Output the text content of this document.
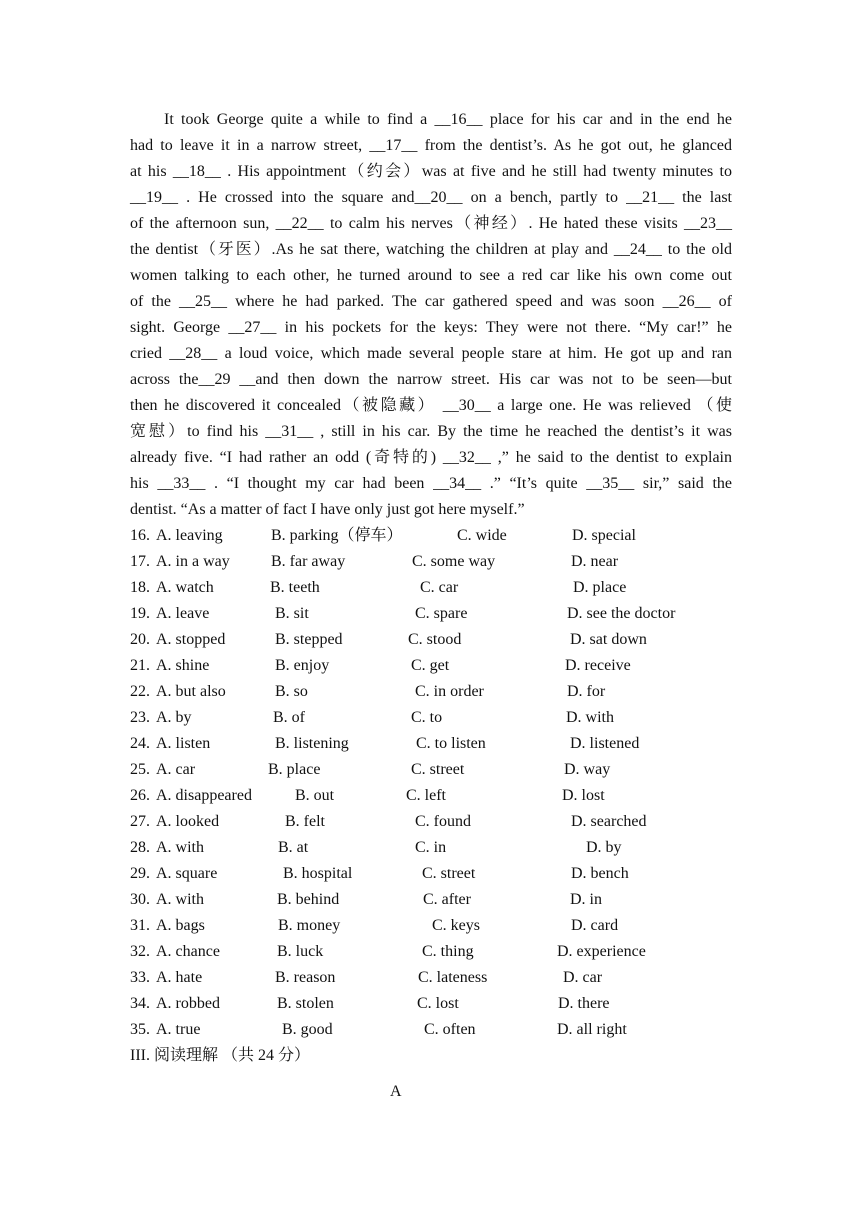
It took George quite a while to find a __16__ place for his car and in the end he
had to leave it in a narrow street, __17__ from the dentist’s. As he got out, he glanced
at his __18__ . His appointment（约会）was at five and he still had twenty minutes to
__19__ . He crossed into the square and__20__ on a bench, partly to __21__ the last
of the afternoon sun, __22__ to calm his nerves（神经）. He hated these visits __23__
the dentist（牙医）.As he sat there, watching the children at play and __24__ to the old
women talking to each other, he turned around to see a red car like his own come out
of the __25__ where he had parked. The car gathered speed and was soon __26__ of
sight. George __27__ in his pockets for the keys: They were not there. “My car!” he
cried __28__ a loud voice, which made several people stare at him. He got up and ran
across the__29 __and then down the narrow street. His car was not to be seen—but
then he discovered it concealed（被隐藏） __30__ a large one. He was relieved （使
宽慰）to find his __31__ , still in his car. By the time he reached the dentist’s it was
already five. “I had rather an odd (奇特的) __32__ ,” he said to the dentist to explain
his __33__ . “I thought my car had been __34__ .” “It’s quite __35__ sir,” said the
dentist. “As a matter of fact I have only just got here myself.”
16. A. leaving	B. parking（停车）	C. wide	D. special
17. A. in a way	B. far away	C. some way	D. near
18. A. watch	B. teeth	C. car	D. place
19. A. leave	B. sit	C. spare	D. see the doctor
20. A. stopped	B. stepped	C. stood	D. sat down
21. A. shine	B. enjoy	C. get	D. receive
22. A. but also	B. so	C. in order	D. for
23. A. by	B. of	C. to	D. with
24. A. listen	B. listening	C. to listen	D. listened
25. A. car	B. place	C. street	D. way
26. A. disappeared	B. out	C. left	D. lost
27. A. looked	B. felt	C. found	D. searched
28. A. with	B. at	C. in	D. by
29. A. square	B. hospital	C. street	D. bench
30. A. with	B. behind	C. after	D. in
31. A. bags	B. money	C. keys	D. card
32. A. chance	B. luck	C. thing	D. experience
33. A. hate	B. reason	C. lateness	D. car
34. A. robbed	B. stolen	C. lost	D. there
35. A. true	B. good	C. often	D. all right
III. 阅读理解 （共 24 分）
A
